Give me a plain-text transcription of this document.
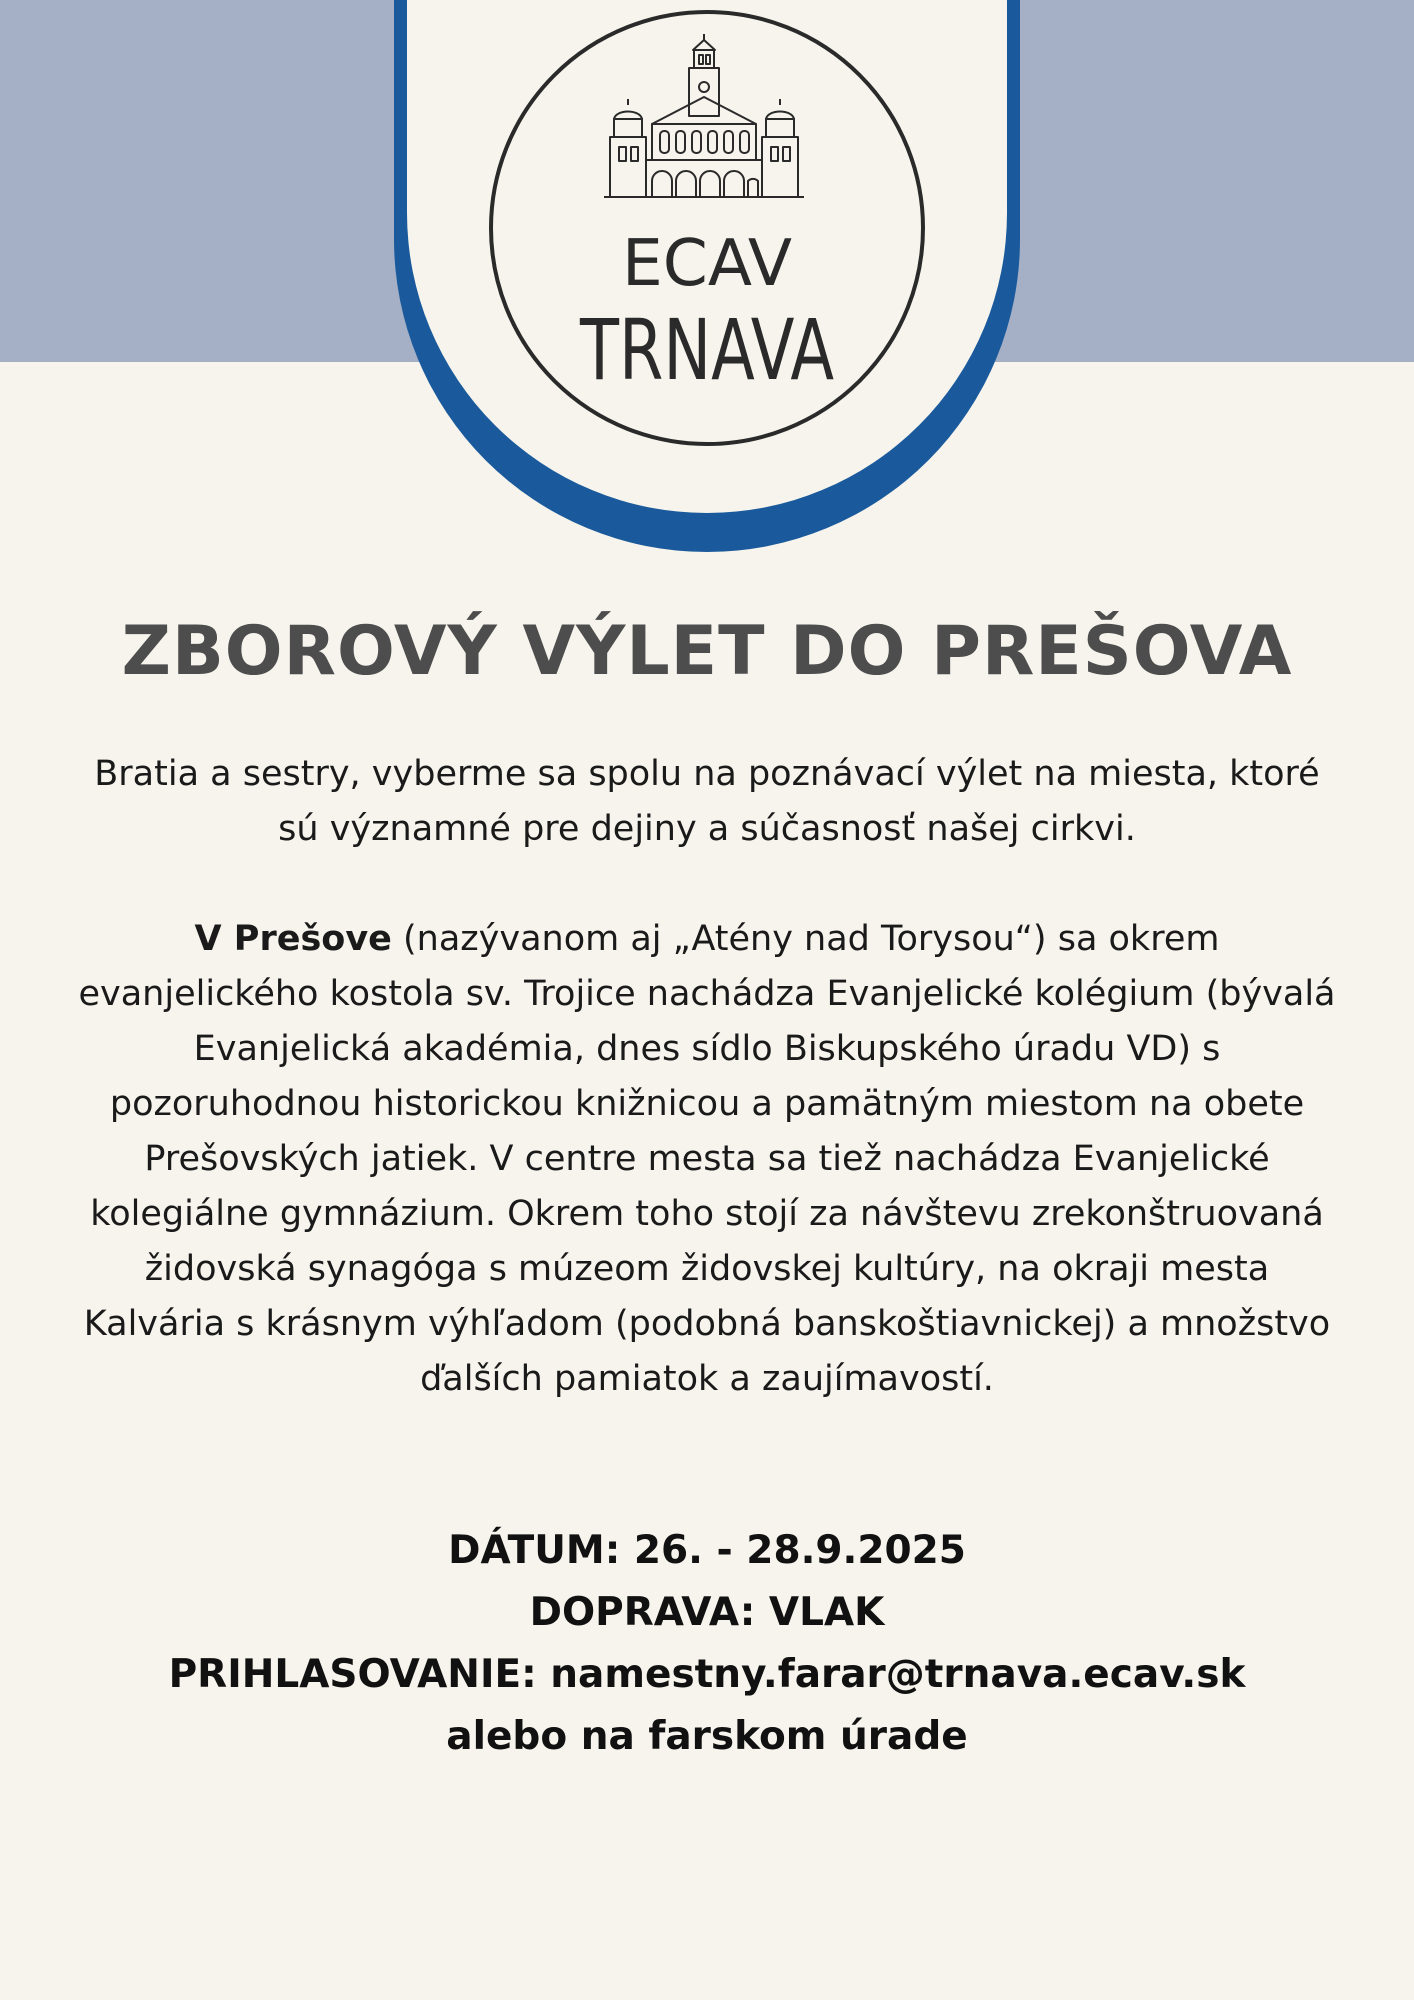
ECAV
TRNAVA
ZBOROVÝ VÝLET DO PREŠOVA

Bratia a sestry, vyberme sa spolu na poznávací výlet na miesta, ktoré sú významné pre dejiny a súčasnosť našej cirkvi.

V Prešove (nazývanom aj „Atény nad Torysou“) sa okrem evanjelického kostola sv. Trojice nachádza Evanjelické kolégium (bývalá Evanjelická akadémia, dnes sídlo Biskupského úradu VD) s pozoruhodnou historickou knižnicou a pamätným miestom na obete Prešovských jatiek. V centre mesta sa tiež nachádza Evanjelické kolegiálne gymnázium. Okrem toho stojí za návštevu zrekonštruovaná židovská synagóga s múzeom židovskej kultúry, na okraji mesta Kalvária s krásnym výhľadom (podobná banskoštiavnickej) a množstvo ďalších pamiatok a zaujímavostí.

DÁTUM: 26. - 28.9.2025
DOPRAVA: VLAK
PRIHLASOVANIE: namestny.farar@trnava.ecav.sk
alebo na farskom úrade
